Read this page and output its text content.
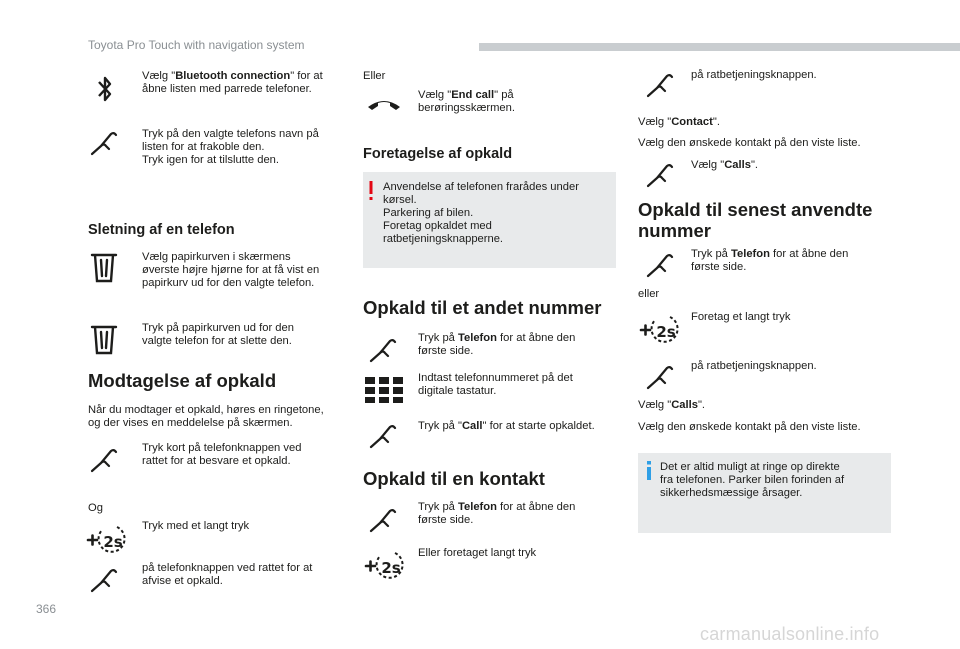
Toyota Pro Touch with navigation system
Vælg "Bluetooth connection" for at
åbne listen med parrede telefoner.
Tryk på den valgte telefons navn på
listen for at frakoble den.
Tryk igen for at tilslutte den.
Sletning af en telefon
Vælg papirkurven i skærmens
øverste højre hjørne for at få vist en
papirkurv ud for den valgte telefon.
Tryk på papirkurven ud for den
valgte telefon for at slette den.
Modtagelse af opkald
Når du modtager et opkald, høres en ringetone,
og der vises en meddelelse på skærmen.
Tryk kort på telefonknappen ved
rattet for at besvare et opkald.
Og
2s
Tryk med et langt tryk
på telefonknappen ved rattet for at
afvise et opkald.
366
Eller
Vælg "End call" på
berøringsskærmen.
Foretagelse af opkald
Anvendelse af telefonen frarådes under
kørsel.
Parkering af bilen.
Foretag opkaldet med
ratbetjeningsknapperne.
Opkald til et andet nummer
Tryk på Telefon for at åbne den
første side.
Indtast telefonnummeret på det
digitale tastatur.
Tryk på "Call" for at starte opkaldet.
Opkald til en kontakt
Tryk på Telefon for at åbne den
første side.
2s
Eller foretaget langt tryk
på ratbetjeningsknappen.
Vælg "Contact".
Vælg den ønskede kontakt på den viste liste.
Vælg "Calls".
Opkald til senest anvendte
nummer
Tryk på Telefon for at åbne den
første side.
eller
2s
Foretag et langt tryk
på ratbetjeningsknappen.
Vælg "Calls".
Vælg den ønskede kontakt på den viste liste.
Det er altid muligt at ringe op direkte
fra telefonen. Parker bilen forinden af
sikkerhedsmæssige årsager.
carmanualsonline.info
